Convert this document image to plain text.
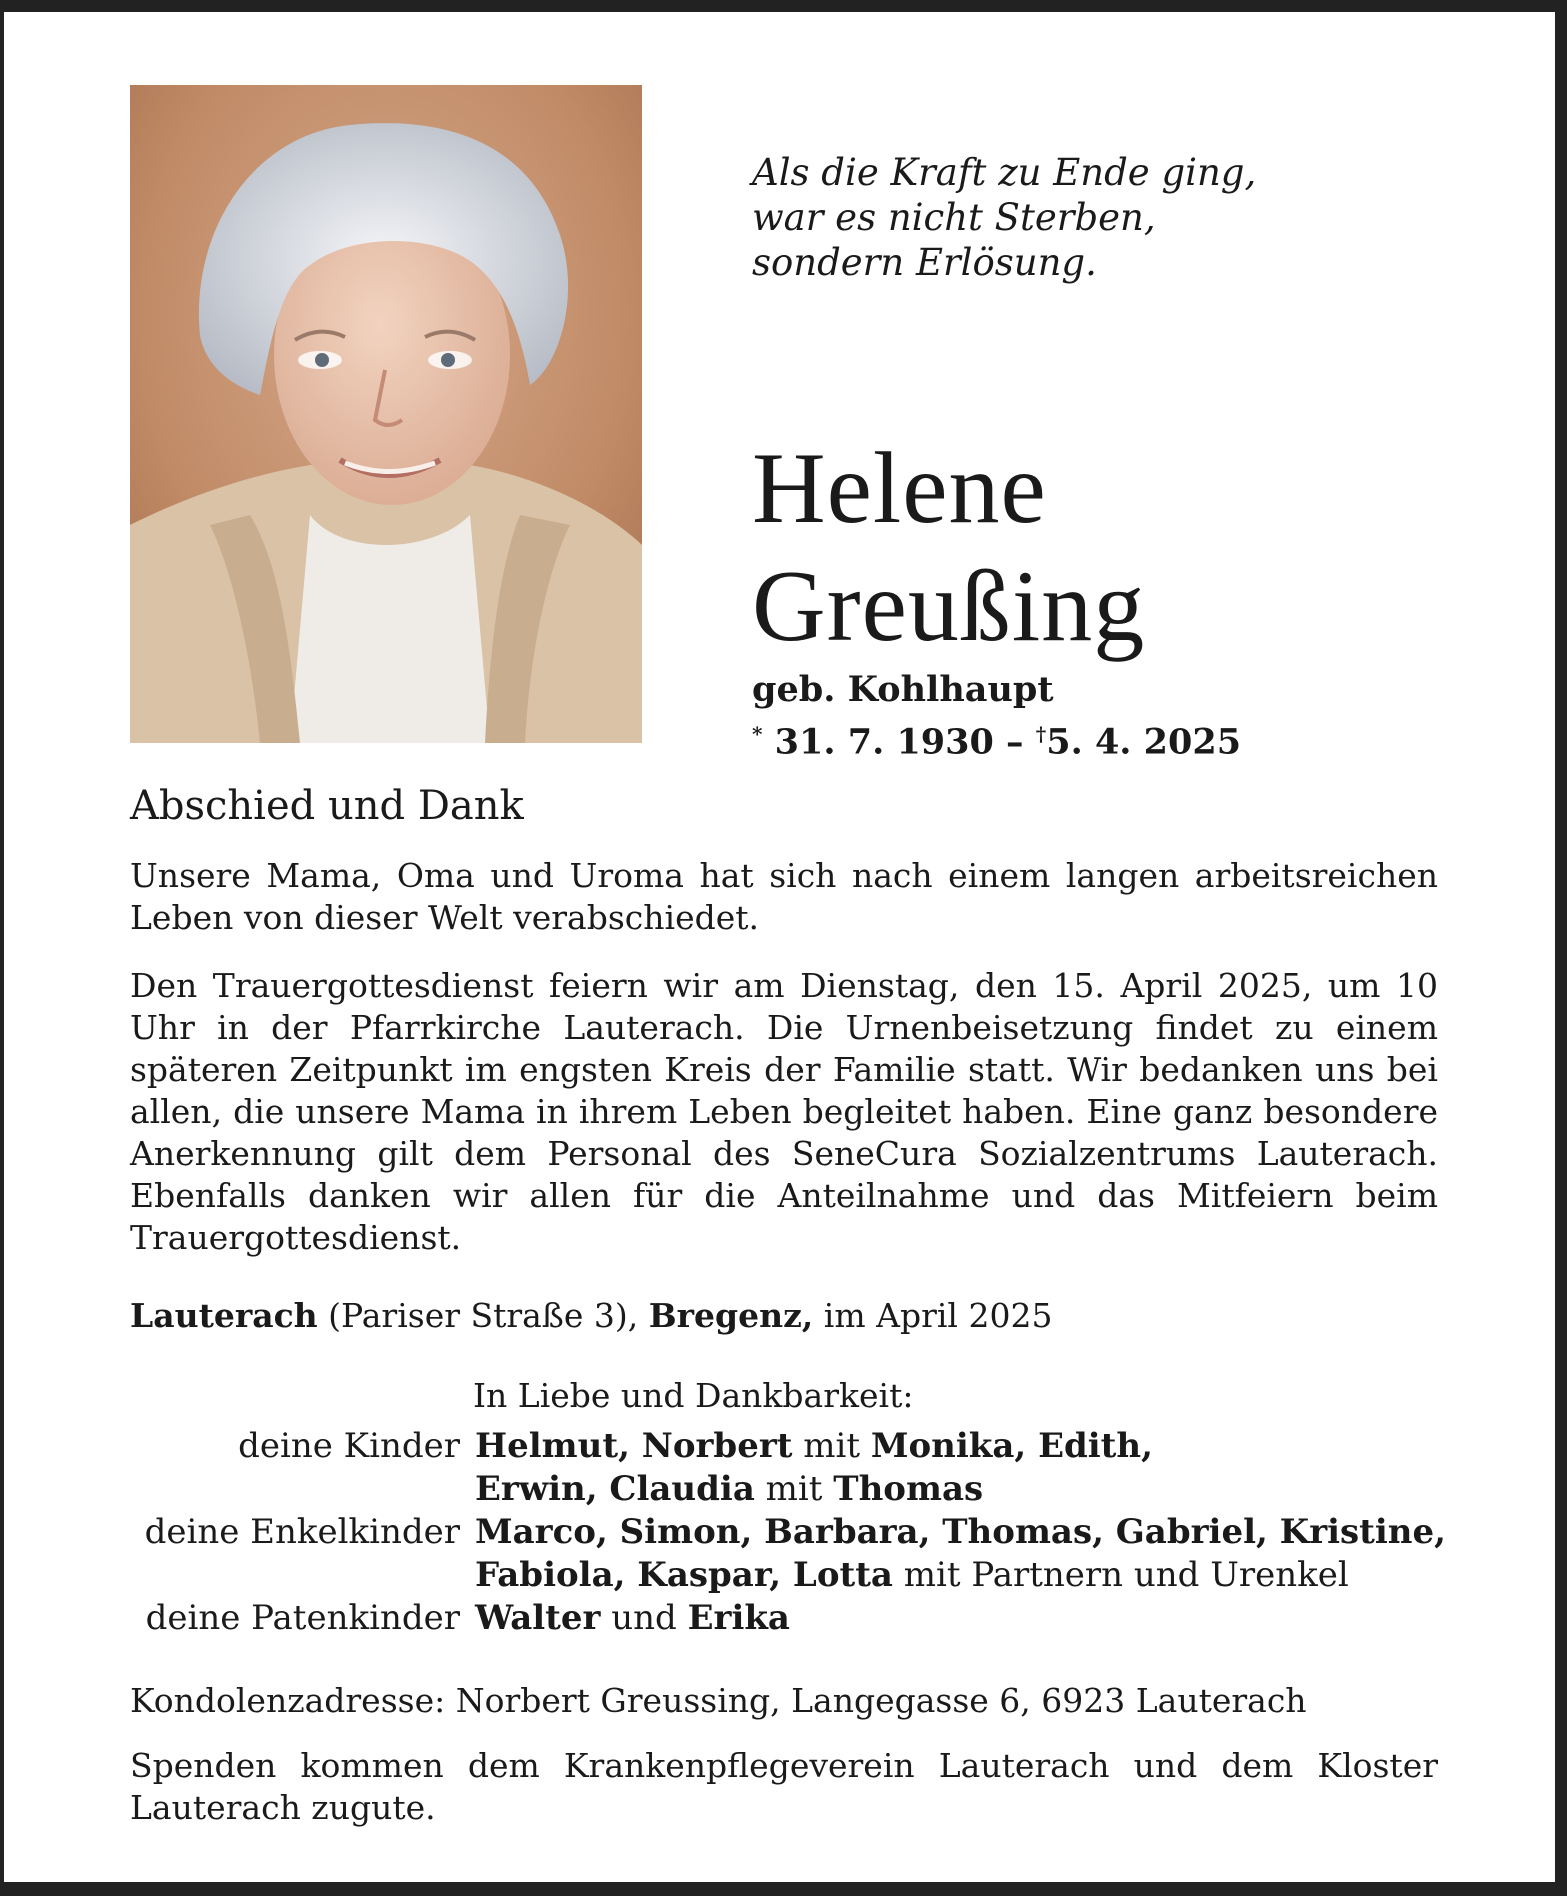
Als die Kraft zu Ende ging,
war es nicht Sterben,
sondern Erlösung.
Helene
Greußing
geb. Kohlhaupt
* 31. 7. 1930 – †5. 4. 2025
Abschied und Dank
Unsere Mama, Oma und Uroma hat sich nach einem langen arbeitsreichen Leben von dieser Welt verabschiedet.
Den Trauergottesdienst feiern wir am Dienstag, den 15. April 2025, um 10 Uhr in der Pfarrkirche Lauterach. Die Urnenbeisetzung findet zu einem späteren Zeitpunkt im engsten Kreis der Familie statt. Wir bedanken uns bei allen, die unsere Mama in ihrem Leben begleitet haben. Eine ganz besondere Anerkennung gilt dem Personal des SeneCura Sozialzentrums Lauterach. Ebenfalls danken wir allen für die Anteilnahme und das Mitfeiern beim Trauergottesdienst.
Lauterach (Pariser Straße 3), Bregenz, im April 2025
In Liebe und Dankbarkeit:
deine Kinder Helmut, Norbert mit Monika, Edith,
Erwin, Claudia mit Thomas
deine Enkelkinder Marco, Simon, Barbara, Thomas, Gabriel, Kristine,
Fabiola, Kaspar, Lotta mit Partnern und Urenkel
deine Patenkinder Walter und Erika
Kondolenzadresse: Norbert Greussing, Langegasse 6, 6923 Lauterach
Spenden kommen dem Krankenpflegeverein Lauterach und dem Kloster Lauterach zugute.
